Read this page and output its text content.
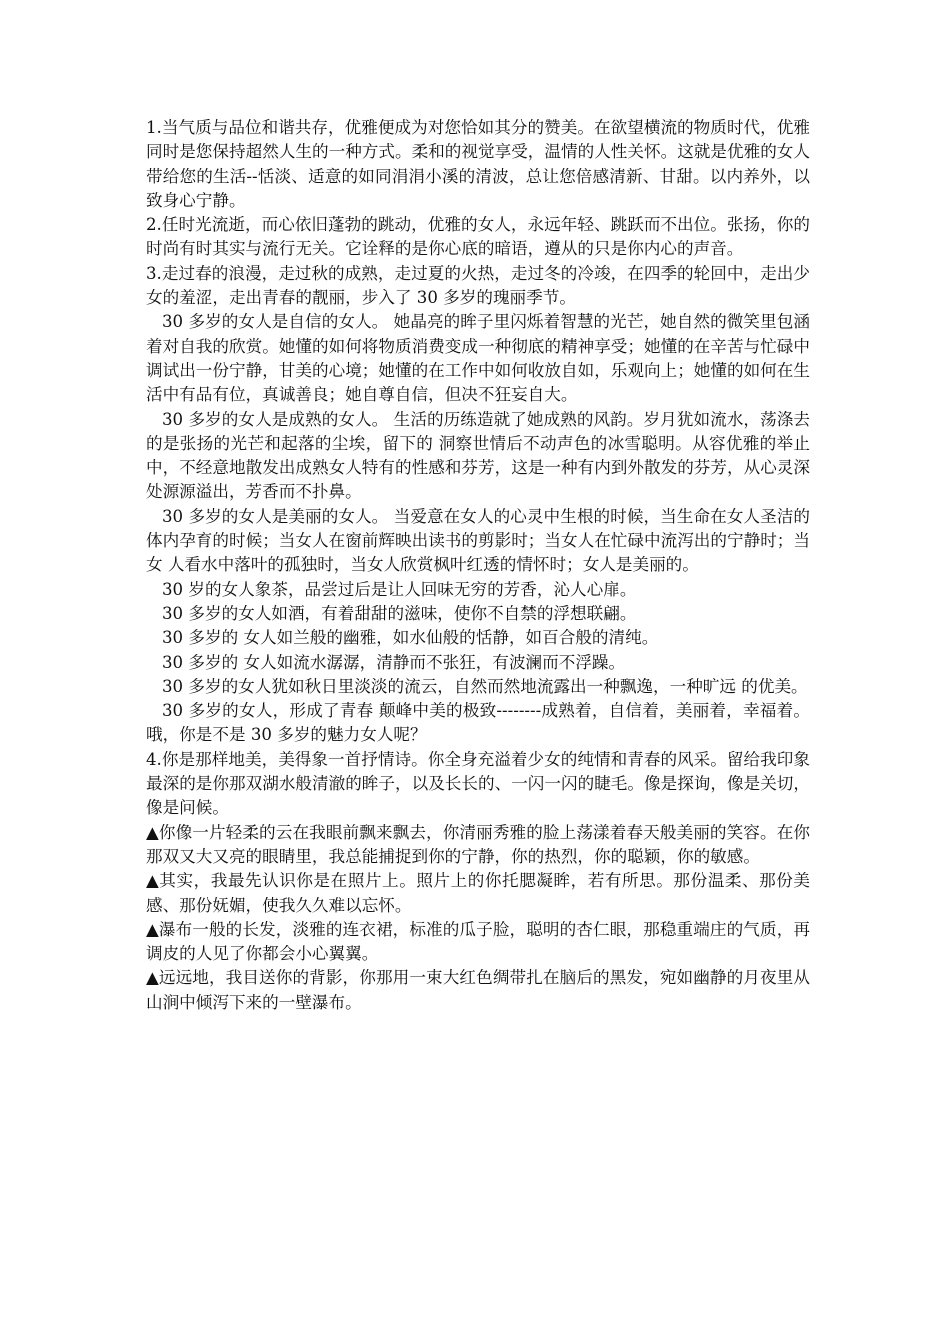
1.当气质与品位和谐共存，优雅便成为对您恰如其分的赞美。在欲望横流的物质时代，优雅同时是您保持超然人生的一种方式。柔和的视觉享受，温情的人性关怀。这就是优雅的女人带给您的生活--恬淡、适意的如同涓涓小溪的清波，总让您倍感清新、甘甜。以内养外，以致身心宁静。

2.任时光流逝，而心依旧蓬勃的跳动，优雅的女人，永远年轻、跳跃而不出位。张扬，你的时尚有时其实与流行无关。它诠释的是你心底的暗语，遵从的只是你内心的声音。

3.走过春的浪漫，走过秋的成熟，走过夏的火热，走过冬的冷竣，在四季的轮回中，走出少女的羞涩，走出青春的靓丽，步入了 30 多岁的瑰丽季节。

30 多岁的女人是自信的女人。 她晶亮的眸子里闪烁着智慧的光芒，她自然的微笑里包涵着对自我的欣赏。她懂的如何将物质消费变成一种彻底的精神享受；她懂的在辛苦与忙碌中调试出一份宁静，甘美的心境；她懂的在工作中如何收放自如，乐观向上；她懂的如何在生活中有品有位，真诚善良；她自尊自信，但决不狂妄自大。

30 多岁的女人是成熟的女人。 生活的历练造就了她成熟的风韵。岁月犹如流水，荡涤去的是张扬的光芒和起落的尘埃，留下的 洞察世情后不动声色的冰雪聪明。从容优雅的举止中，不经意地散发出成熟女人特有的性感和芬芳，这是一种有内到外散发的芬芳，从心灵深处源源溢出，芳香而不扑鼻。

30 多岁的女人是美丽的女人。 当爱意在女人的心灵中生根的时候，当生命在女人圣洁的体内孕育的时候；当女人在窗前辉映出读书的剪影时；当女人在忙碌中流泻出的宁静时；当女 人看水中落叶的孤独时，当女人欣赏枫叶红透的情怀时；女人是美丽的。

30 岁的女人象茶，品尝过后是让人回味无穷的芳香，沁人心扉。

30 多岁的女人如酒，有着甜甜的滋味，使你不自禁的浮想联翩。

30 多岁的 女人如兰般的幽雅，如水仙般的恬静，如百合般的清纯。

30 多岁的 女人如流水潺潺，清静而不张狂，有波澜而不浮躁。

30 多岁的女人犹如秋日里淡淡的流云，自然而然地流露出一种飘逸，一种旷远 的优美。

30 多岁的女人，形成了青春 颠峰中美的极致--------成熟着，自信着，美丽着，幸福着。哦，你是不是 30 多岁的魅力女人呢？

4.你是那样地美，美得象一首抒情诗。你全身充溢着少女的纯情和青春的风采。留给我印象最深的是你那双湖水般清澈的眸子，以及长长的、一闪一闪的睫毛。像是探询，像是关切，像是问候。

▲你像一片轻柔的云在我眼前飘来飘去，你清丽秀雅的脸上荡漾着春天般美丽的笑容。在你那双又大又亮的眼睛里，我总能捕捉到你的宁静，你的热烈，你的聪颖，你的敏感。

▲其实，我最先认识你是在照片上。照片上的你托腮凝眸，若有所思。那份温柔、那份美感、那份妩媚，使我久久难以忘怀。

▲瀑布一般的长发，淡雅的连衣裙，标准的瓜子脸，聪明的杏仁眼，那稳重端庄的气质，再调皮的人见了你都会小心翼翼。

▲远远地，我目送你的背影，你那用一束大红色绸带扎在脑后的黑发，宛如幽静的月夜里从山涧中倾泻下来的一壁瀑布。
